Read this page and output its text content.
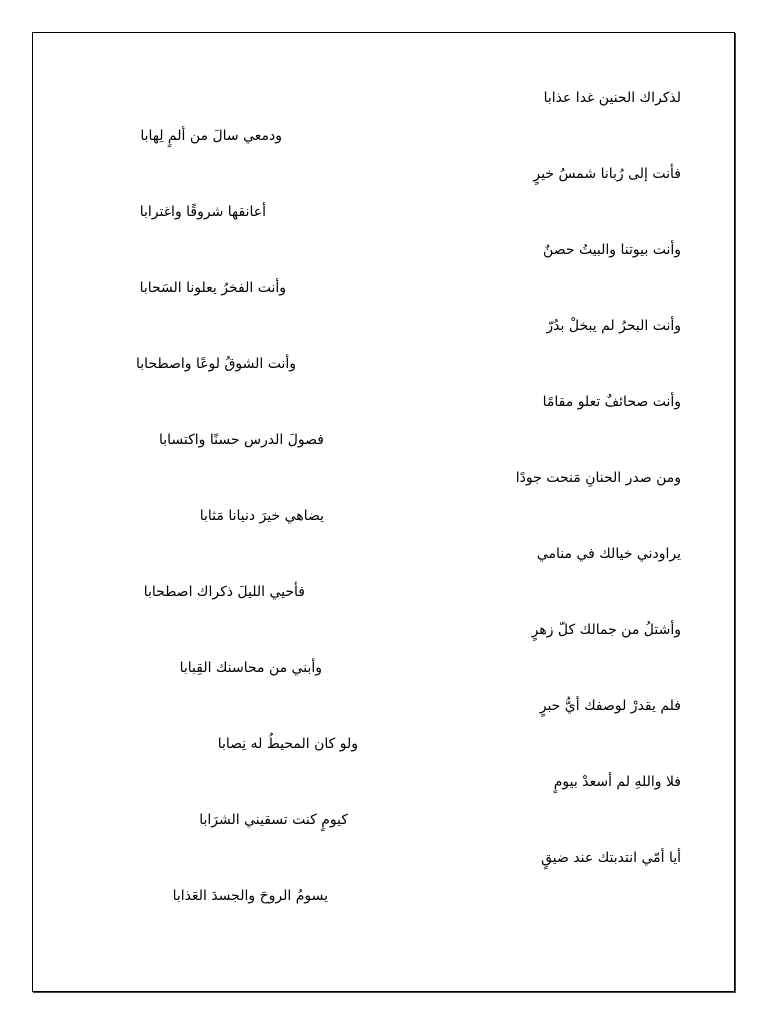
لذكراك الحنين غدا عذابا
ودمعي سالَ من ألمٍ لِهابا
فأنت إلى رُبانا شمسُ خيرٍ
أعانقها شروقًا واغترابا
وأنت بيوتنا والبيتُ حصنٌ
وأنت الفخرُ يعلونا السَحابا
وأنت البحرُ لم يبخلْ بدُرّ
وأنت الشوقُ لوعًا واصطحابا
وأنت صحائفٌ تعلو مقامًا
فصولَ الدرس حسنًا واكتسابا
ومن صدر الحنانِ مَنحت جودًا
يضاهي خيرَ دنيانا مَثابا
يراودني خيالك في منامي
فأحيي الليلَ ذكراك اصطحابا
وأشتلُ من جمالك كلّ زهرٍ
وأبني من محاسنك القِبابا
فلم يقدرْ لوصفك أيُّ حبرٍ
ولو كان المحيطُ له نِصابا
فلا واللهِ لم أسعدْ بيومٍ
كيومٍ كنت تسقيني الشرَابا
أيا أمّي انتدبتك عند ضيقٍ
يسومُ الروحَ والجسدَ العَذابا
